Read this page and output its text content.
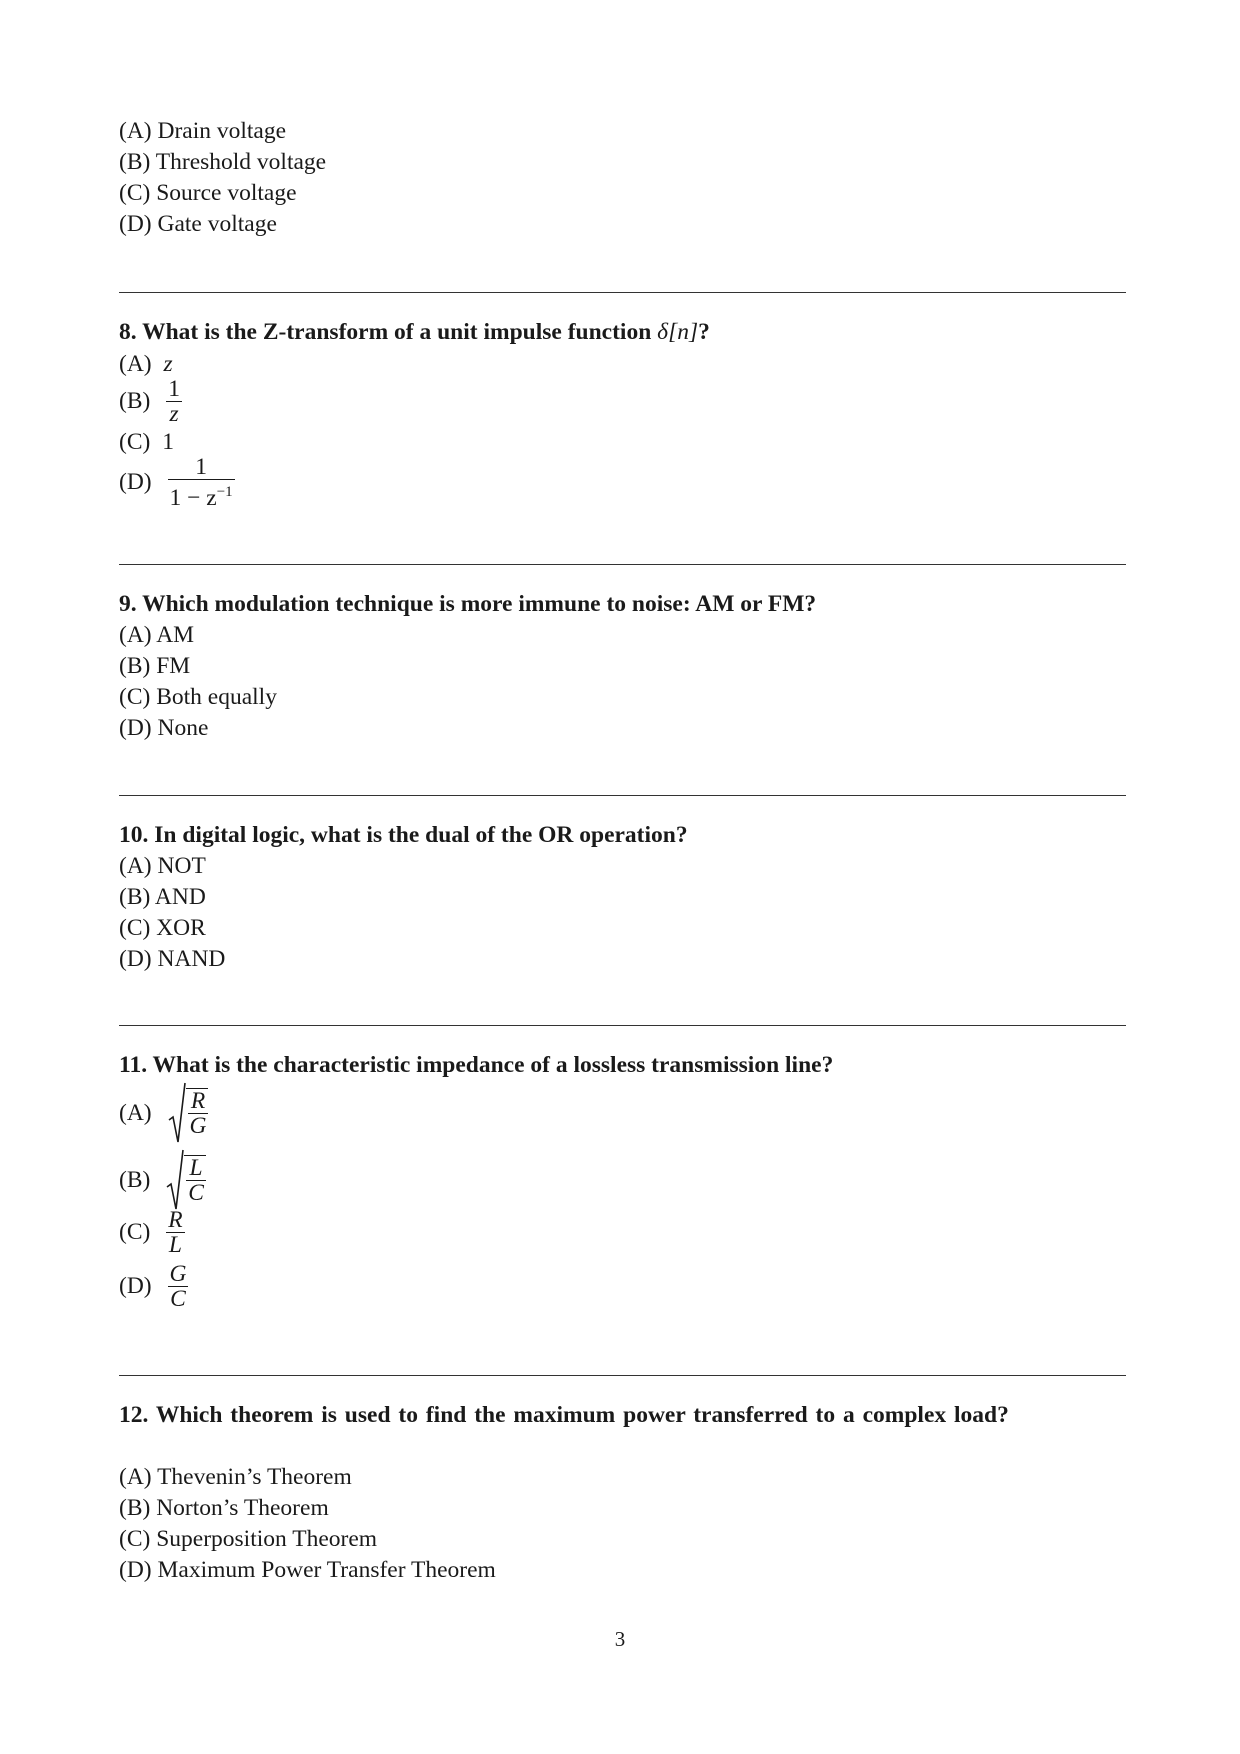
(A) Drain voltage
(B) Threshold voltage
(C) Source voltage
(D) Gate voltage
8. What is the Z-transform of a unit impulse function δ[n]?
(A) z
$(B) \frac{1}{z}$
(C) 1
$(D) \frac{1}{1 - z^{-1}}$
9. Which modulation technique is more immune to noise: AM or FM?
(A) AM
(B) FM
(C) Both equally
(D) None
10. In digital logic, what is the dual of the OR operation?
(A) NOT
(B) AND
(C) XOR
(D) NAND
11. What is the characteristic impedance of a lossless transmission line?
$(A) \frac{R}{G}$
$(B) \frac{L}{C}$
$(C) \frac{R}{L}$
$(D) \frac{G}{C}$
12. Which theorem is used to find the maximum power transferred to a complex load?
(A) Thevenin’s Theorem
(B) Norton’s Theorem
(C) Superposition Theorem
(D) Maximum Power Transfer Theorem
3
